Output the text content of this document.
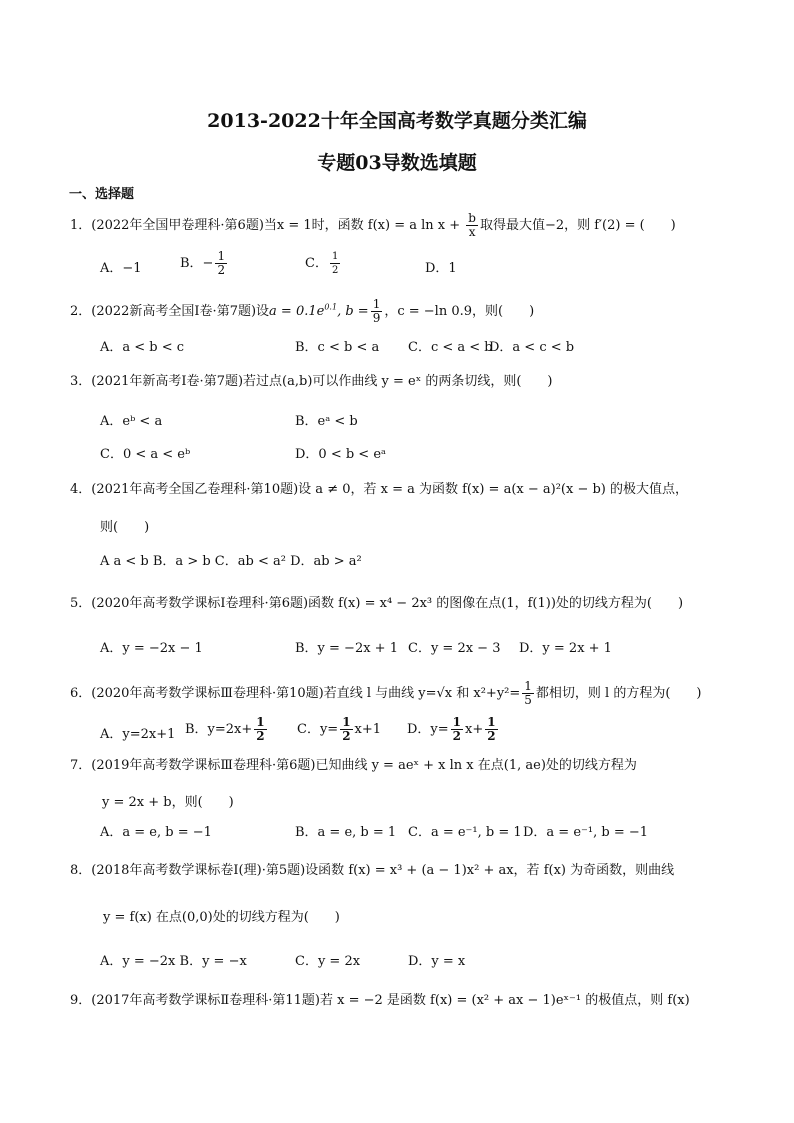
2013-2022十年全国高考数学真题分类汇编
专题03导数选填题
一、选择题
1．(2022年全国甲卷理科·第6题)当x = 1时，函数 f(x) = a $\ln x + \frac{b}{x}$ 取得最大值−2，则 f′(2) = (　　)
A．−1	B．− $\frac{1}{2}$	C． $\frac{1}{2}$	D．1
2．(2022新高考全国Ⅰ卷·第7题)设$a = 0.1e^{0.1}$, $b = \frac{1}{9}$ ，c = −ln 0.9，则(　　)
A．a < b < c	B．c < b < a C．c < a < b
D．a < c < b
3．(2021年新高考Ⅰ卷·第7题)若过点(a,b)可以作曲线 y = eˣ 的两条切线，则(　　)
A．eᵇ < a	B．eᵃ < b
C．0 < a < eᵇ	D．0 < b < eᵃ
4．(2021年高考全国乙卷理科·第10题)设 a ≠ 0，若 x = a 为函数 f(x) = a(x − a)²(x − b) 的极大值点，
则(　　)
A a < b B．a > b C．ab < a² D．ab > a²
5．(2020年高考数学课标Ⅰ卷理科·第6题)函数 f(x) = x⁴ − 2x³ 的图像在点(1，f(1))处的切线方程为(　　)
A．y = −2x − 1	B．y = −2x + 1 C．y = 2x − 3 D．y = 2x + 1
6．(2020年高考数学课标Ⅲ卷理科·第10题)若直线 l 与曲线 y=√x 和 $x^2+y^2= \frac{1}{5}$ 都相切，则 l 的方程为(　　)
A．y=2x+1 B．$y=2x+ \frac{1}{2}$ C．$y= \frac{1}{2} x+1$ D．$y= \frac{1}{2} x+ \frac{1}{2}$
7．(2019年高考数学课标Ⅲ卷理科·第6题)已知曲线 y = aeˣ + x ln x 在点(1, ae)处的切线方程为
y = 2x + b，则(　　)
A．a = e, b = −1	B．a = e, b = 1 C．a = e⁻¹, b = 1 D．a = e⁻¹, b = −1
8．(2018年高考数学课标卷Ⅰ(理)·第5题)设函数 f(x) = x³ + (a − 1)x² + ax，若 f(x) 为奇函数，则曲线
y = f(x) 在点(0,0)处的切线方程为(　　)
A．y = −2x B．y = −x	C．y = 2x	D．y = x
9．(2017年高考数学课标Ⅱ卷理科·第11题)若 x = −2 是函数 f(x) = (x² + ax − 1)eˣ⁻¹ 的极值点，则 f(x)
